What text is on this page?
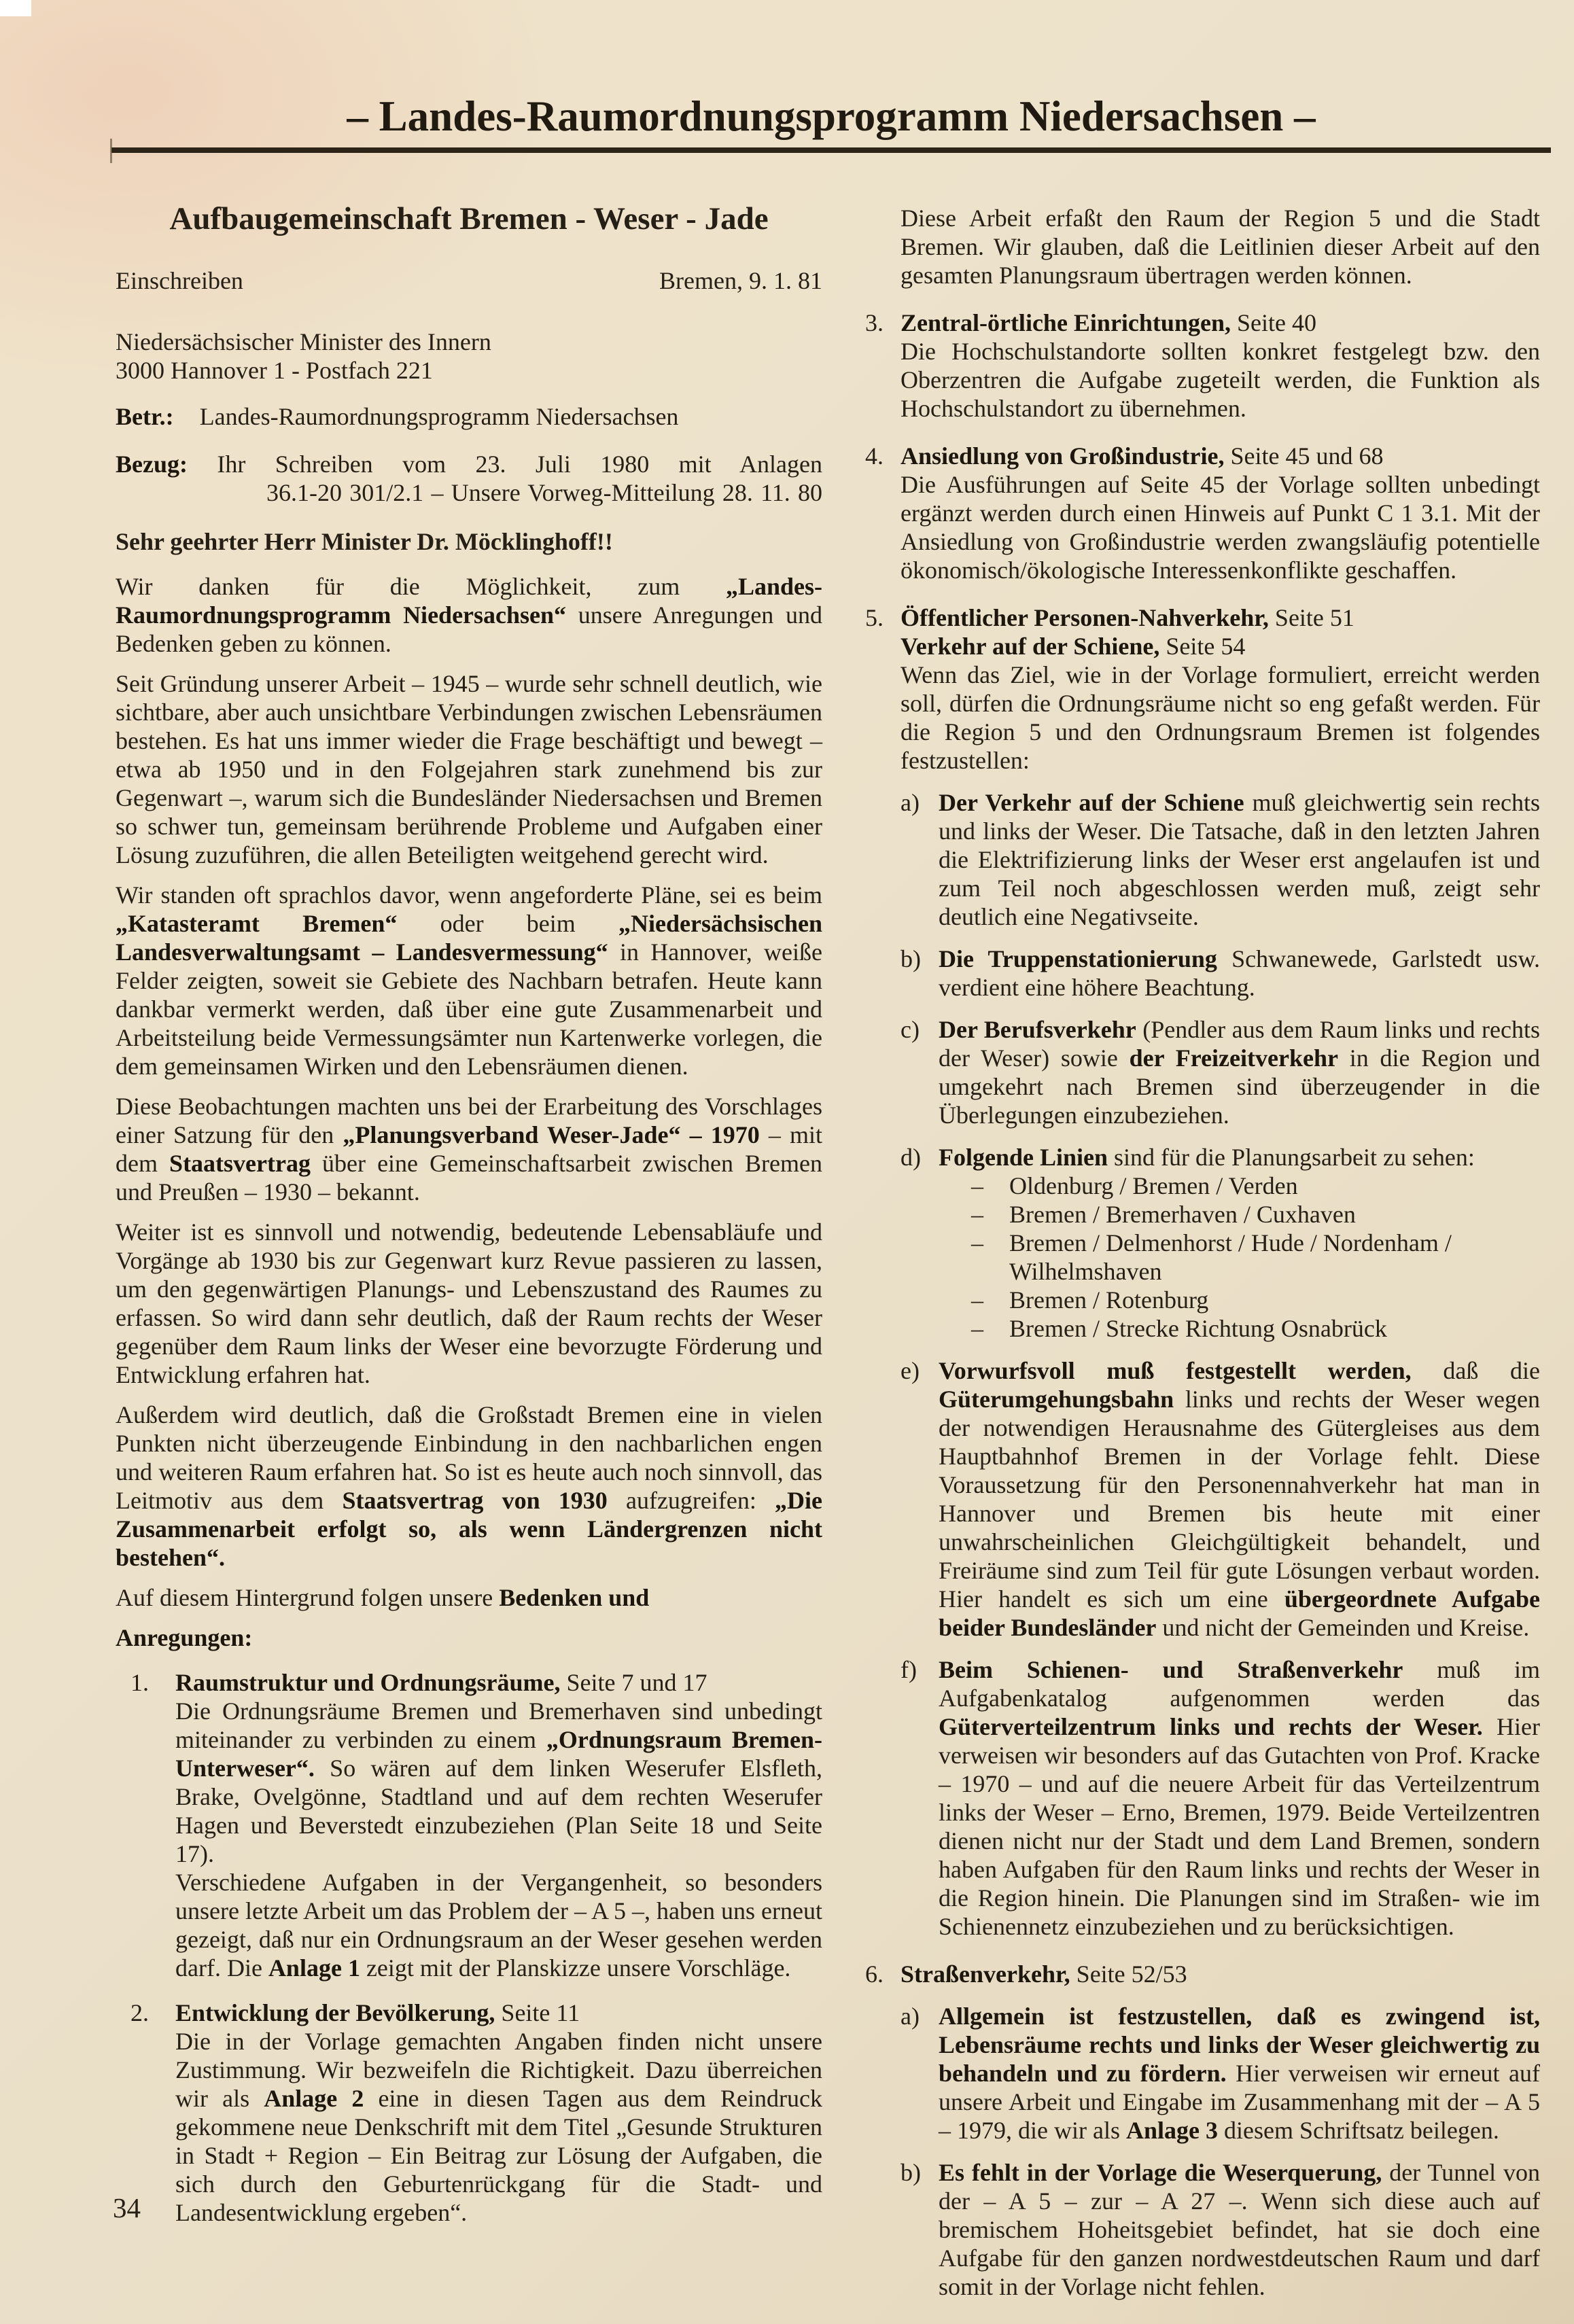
– Landes-Raumordnungsprogramm Niedersachsen –
Aufbaugemeinschaft Bremen - Weser - Jade
Einschreiben	Bremen, 9. 1. 81

Niedersächsischer Minister des Innern

3000 Hannover 1 - Postfach 221

Betr.: Landes-Raumordnungsprogramm Niedersachsen
Bezug: Ihr Schreiben vom 23. Juli 1980 mit Anlagen
36.1-20 301/2.1 – Unsere Vorweg-Mitteilung 28. 11. 80

Sehr geehrter Herr Minister Dr. Möcklinghoff!!

Wir danken für die Möglichkeit, zum „Landes-Raumordnungsprogramm Niedersachsen“ unsere Anregungen und Bedenken geben zu können.

Seit Gründung unserer Arbeit – 1945 – wurde sehr schnell deutlich, wie sichtbare, aber auch unsichtbare Verbindungen zwischen Lebensräumen bestehen. Es hat uns immer wieder die Frage beschäftigt und bewegt – etwa ab 1950 und in den Folgejahren stark zunehmend bis zur Gegenwart –, warum sich die Bundesländer Niedersachsen und Bremen so schwer tun, gemeinsam berührende Probleme und Aufgaben einer Lösung zuzuführen, die allen Beteiligten weitgehend gerecht wird.

Wir standen oft sprachlos davor, wenn angeforderte Pläne, sei es beim „Katasteramt Bremen“ oder beim „Niedersächsischen Landesverwaltungsamt – Landesvermessung“ in Hannover, weiße Felder zeigten, soweit sie Gebiete des Nachbarn betrafen. Heute kann dankbar vermerkt werden, daß über eine gute Zusammenarbeit und Arbeitsteilung beide Vermessungsämter nun Kartenwerke vorlegen, die dem gemeinsamen Wirken und den Lebensräumen dienen.

Diese Beobachtungen machten uns bei der Erarbeitung des Vorschlages einer Satzung für den „Planungsverband Weser-Jade“ – 1970 – mit dem Staatsvertrag über eine Gemeinschaftsarbeit zwischen Bremen und Preußen – 1930 – bekannt.

Weiter ist es sinnvoll und notwendig, bedeutende Lebensabläufe und Vorgänge ab 1930 bis zur Gegenwart kurz Revue passieren zu lassen, um den gegenwärtigen Planungs- und Lebenszustand des Raumes zu erfassen. So wird dann sehr deutlich, daß der Raum rechts der Weser gegenüber dem Raum links der Weser eine bevorzugte Förderung und Entwicklung erfahren hat.

Außerdem wird deutlich, daß die Großstadt Bremen eine in vielen Punkten nicht überzeugende Einbindung in den nachbarlichen engen und weiteren Raum erfahren hat. So ist es heute auch noch sinnvoll, das Leitmotiv aus dem Staatsvertrag von 1930 aufzugreifen: „Die Zusammenarbeit erfolgt so, als wenn Ländergrenzen nicht bestehen“.

Auf diesem Hintergrund folgen unsere Bedenken und

Anregungen:

1. Raumstruktur und Ordnungsräume, Seite 7 und 17

Die Ordnungsräume Bremen und Bremerhaven sind unbedingt miteinander zu verbinden zu einem „Ordnungsraum Bremen-Unterweser“. So wären auf dem linken Weserufer Elsfleth, Brake, Ovelgönne, Stadtland und auf dem rechten Weserufer Hagen und Beverstedt einzubeziehen (Plan Seite 18 und Seite 17).

Verschiedene Aufgaben in der Vergangenheit, so besonders unsere letzte Arbeit um das Problem der – A 5 –, haben uns erneut gezeigt, daß nur ein Ordnungsraum an der Weser gesehen werden darf. Die Anlage 1 zeigt mit der Planskizze unsere Vorschläge.

2. Entwicklung der Bevölkerung, Seite 11

Die in der Vorlage gemachten Angaben finden nicht unsere Zustimmung. Wir bezweifeln die Richtigkeit. Dazu überreichen wir als Anlage 2 eine in diesen Tagen aus dem Reindruck gekommene neue Denkschrift mit dem Titel „Gesunde Strukturen in Stadt + Region – Ein Beitrag zur Lösung der Aufgaben, die sich durch den Geburtenrückgang für die Stadt- und Landesentwicklung ergeben“.

Diese Arbeit erfaßt den Raum der Region 5 und die Stadt Bremen. Wir glauben, daß die Leitlinien dieser Arbeit auf den gesamten Planungsraum übertragen werden können.

3. Zentral-örtliche Einrichtungen, Seite 40

Die Hochschulstandorte sollten konkret festgelegt bzw. den Oberzentren die Aufgabe zugeteilt werden, die Funktion als Hochschulstandort zu übernehmen.

4. Ansiedlung von Großindustrie, Seite 45 und 68

Die Ausführungen auf Seite 45 der Vorlage sollten unbedingt ergänzt werden durch einen Hinweis auf Punkt C 1 3.1. Mit der Ansiedlung von Großindustrie werden zwangsläufig potentielle ökonomisch/ökologische Interessenkonflikte geschaffen.

5. Öffentlicher Personen-Nahverkehr, Seite 51

Verkehr auf der Schiene, Seite 54

Wenn das Ziel, wie in der Vorlage formuliert, erreicht werden soll, dürfen die Ordnungsräume nicht so eng gefaßt werden. Für die Region 5 und den Ordnungsraum Bremen ist folgendes festzustellen:

a) Der Verkehr auf der Schiene muß gleichwertig sein rechts und links der Weser. Die Tatsache, daß in den letzten Jahren die Elektrifizierung links der Weser erst angelaufen ist und zum Teil noch abgeschlossen werden muß, zeigt sehr deutlich eine Negativseite.

b) Die Truppenstationierung Schwanewede, Garlstedt usw. verdient eine höhere Beachtung.

c) Der Berufsverkehr (Pendler aus dem Raum links und rechts der Weser) sowie der Freizeitverkehr in die Region und umgekehrt nach Bremen sind überzeugender in die Überlegungen einzubeziehen.

d) Folgende Linien sind für die Planungsarbeit zu sehen:

–	Oldenburg / Bremen / Verden
–	Bremen / Bremerhaven / Cuxhaven
–	Bremen / Delmenhorst / Hude / Nordenham / Wilhelmshaven
–	Bremen / Rotenburg
–	Bremen / Strecke Richtung Osnabrück
e) Vorwurfsvoll muß festgestellt werden, daß die Güterumgehungsbahn links und rechts der Weser wegen der notwendigen Herausnahme des Gütergleises aus dem Hauptbahnhof Bremen in der Vorlage fehlt. Diese Voraussetzung für den Personennahverkehr hat man in Hannover und Bremen bis heute mit einer unwahrscheinlichen Gleichgültigkeit behandelt, und Freiräume sind zum Teil für gute Lösungen verbaut worden. Hier handelt es sich um eine übergeordnete Aufgabe beider Bundesländer und nicht der Gemeinden und Kreise.

f) Beim Schienen- und Straßenverkehr muß im Aufgabenkatalog aufgenommen werden das Güterverteilzentrum links und rechts der Weser. Hier verweisen wir besonders auf das Gutachten von Prof. Kracke – 1970 – und auf die neuere Arbeit für das Verteilzentrum links der Weser – Erno, Bremen, 1979. Beide Verteilzentren dienen nicht nur der Stadt und dem Land Bremen, sondern haben Aufgaben für den Raum links und rechts der Weser in die Region hinein. Die Planungen sind im Straßen- wie im Schienennetz einzubeziehen und zu berücksichtigen.

6. Straßenverkehr, Seite 52/53

a) Allgemein ist festzustellen, daß es zwingend ist, Lebensräume rechts und links der Weser gleichwertig zu behandeln und zu fördern. Hier verweisen wir erneut auf unsere Arbeit und Eingabe im Zusammenhang mit der – A 5 – 1979, die wir als Anlage 3 diesem Schriftsatz beilegen.

b) Es fehlt in der Vorlage die Weserquerung, der Tunnel von der – A 5 – zur – A 27 –. Wenn sich diese auch auf bremischem Hoheitsgebiet befindet, hat sie doch eine Aufgabe für den ganzen nordwestdeutschen Raum und darf somit in der Vorlage nicht fehlen.

34
